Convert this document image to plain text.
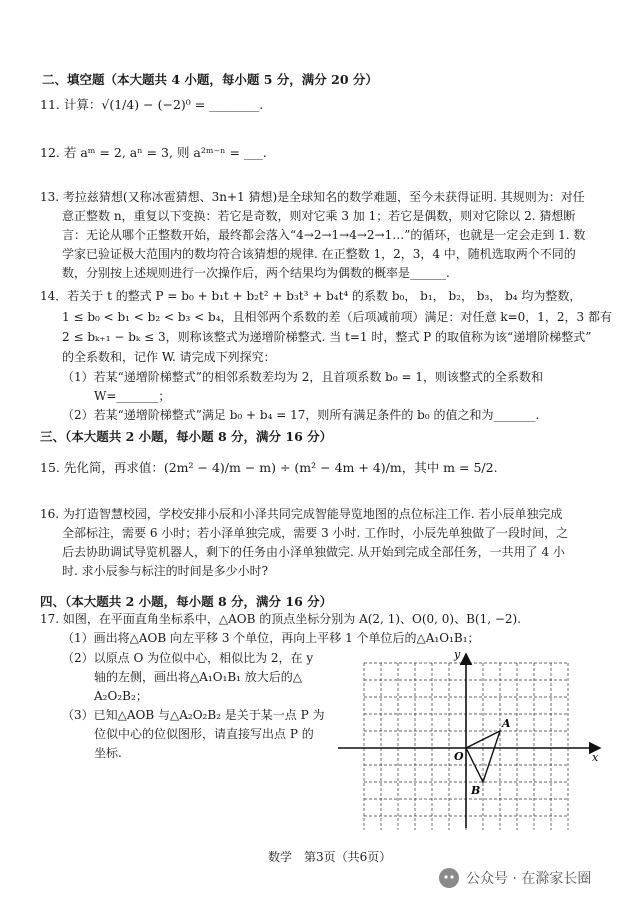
二、填空题（本大题共 4 小题，每小题 5 分，满分 20 分）
11. 计算：√(1/4) − (−2)⁰ = ________.
12. 若 aᵐ = 2, aⁿ = 3, 则 a²ᵐ⁻ⁿ = ___.
13. 考拉兹猜想(又称冰雹猜想、3n+1 猜想)是全球知名的数学难题，至今未获得证明. 其规则为：对任
意正整数 n，重复以下变换：若它是奇数，则对它乘 3 加 1；若它是偶数，则对它除以 2. 猜想断
言：无论从哪个正整数开始，最终都会落入“4→2→1→4→2→1…”的循环，也就是一定会走到 1. 数
学家已验证极大范围内的数均符合该猜想的规律. 在正整数 1，2，3，4 中，随机选取两个不同的
数，分别按上述规则进行一次操作后，两个结果均为偶数的概率是______.
14．若关于 t 的整式 P = b₀ + b₁t + b₂t² + b₃t³ + b₄t⁴ 的系数 b₀， b₁， b₂， b₃， b₄ 均为整数，
1 ≤ b₀ < b₁ < b₂ < b₃ < b₄，且相邻两个系数的差（后项减前项）满足：对任意 k=0，1，2，3 都有
2 ≤ bₖ₊₁ − bₖ ≤ 3，则称该整式为递增阶梯整式. 当 t=1 时，整式 P 的取值称为该“递增阶梯整式”
的全系数和，记作 W. 请完成下列探究：
（1）若某“递增阶梯整式”的相邻系数差均为 2，且首项系数 b₀ = 1，则该整式的全系数和
W=_______；
（2）若某“递增阶梯整式”满足 b₀ + b₄ = 17，则所有满足条件的 b₀ 的值之和为_______.
三、（本大题共 2 小题，每小题 8 分，满分 16 分）
15. 先化简，再求值：(2m² − 4)/m − m) ÷ (m² − 4m + 4)/m，其中 m = 5/2.
16. 为打造智慧校园，学校安排小辰和小泽共同完成智能导览地图的点位标注工作. 若小辰单独完成
全部标注，需要 6 小时；若小泽单独完成，需要 3 小时. 工作时，小辰先单独做了一段时间，之
后去协助调试导览机器人，剩下的任务由小泽单独做完. 从开始到完成全部任务，一共用了 4 小
时. 求小辰参与标注的时间是多少小时?
四、（本大题共 2 小题，每小题 8 分，满分 16 分）
17. 如图，在平面直角坐标系中，△AOB 的顶点坐标分别为 A(2, 1)、O(0, 0)、B(1, −2).
（1）画出将△AOB 向左平移 3 个单位，再向上平移 1 个单位后的△A₁O₁B₁；
（2）以原点 O 为位似中心，相似比为 2，在 y
轴的左侧，画出将△A₁O₁B₁ 放大后的△
A₂O₂B₂；
（3）已知△AOB 与△A₂O₂B₂ 是关于某一点 P 为
位似中心的位似图形，请直接写出点 P 的
坐标.	x
y
A
O
B
数学　第3页（共6页）
公众号 · 在滁家长圈
